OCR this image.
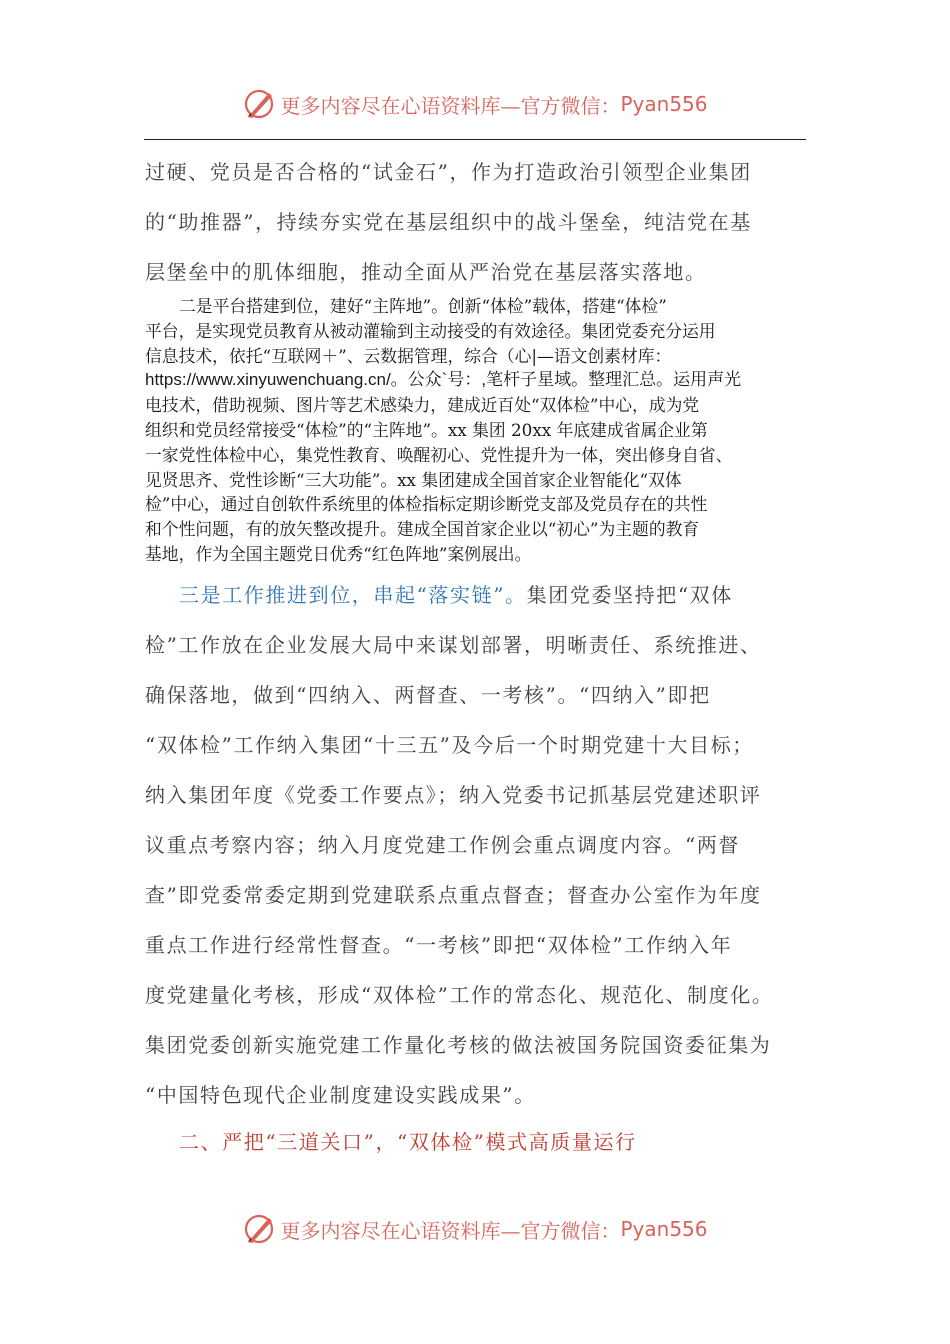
更多内容尽在心语资料库—官方微信： Pyan556

过硬、党员是否合格的“试金石”，作为打造政治引领型企业集团

的“助推器”，持续夯实党在基层组织中的战斗堡垒，纯洁党在基

层堡垒中的肌体细胞，推动全面从严治党在基层落实落地。

二是平台搭建到位，建好“主阵地”。创新“体检”载体，搭建“体检”

平台，是实现党员教育从被动灌输到主动接受的有效途径。集团党委充分运用

信息技术，依托“互联网＋”、云数据管理，综合（心|—语文创素材库：

https://www.xinyuwenchuang.cn/。公众`号：,笔杆子星域。整理汇总。运用声光

电技术，借助视频、图片等艺术感染力，建成近百处“双体检”中心，成为党

组织和党员经常接受“体检”的“主阵地”。xx 集团 20xx 年底建成省属企业第

一家党性体检中心，集党性教育、唤醒初心、党性提升为一体，突出修身自省、

见贤思齐、党性诊断“三大功能”。xx 集团建成全国首家企业智能化“双体

检”中心，通过自创软件系统里的体检指标定期诊断党支部及党员存在的共性

和个性问题，有的放矢整改提升。建成全国首家企业以“初心”为主题的教育

基地，作为全国主题党日优秀“红色阵地”案例展出。

三是工作推进到位，串起“落实链”。集团党委坚持把“双体

检”工作放在企业发展大局中来谋划部署，明晰责任、系统推进、

确保落地，做到“四纳入、两督查、一考核”。“四纳入”即把

“双体检”工作纳入集团“十三五”及今后一个时期党建十大目标；

纳入集团年度《党委工作要点》；纳入党委书记抓基层党建述职评

议重点考察内容；纳入月度党建工作例会重点调度内容。“两督

查”即党委常委定期到党建联系点重点督查；督查办公室作为年度

重点工作进行经常性督查。“一考核”即把“双体检”工作纳入年

度党建量化考核，形成“双体检”工作的常态化、规范化、制度化。

集团党委创新实施党建工作量化考核的做法被国务院国资委征集为

“中国特色现代企业制度建设实践成果”。

二、严把“三道关口”，“双体检”模式高质量运行

更多内容尽在心语资料库—官方微信： Pyan556
